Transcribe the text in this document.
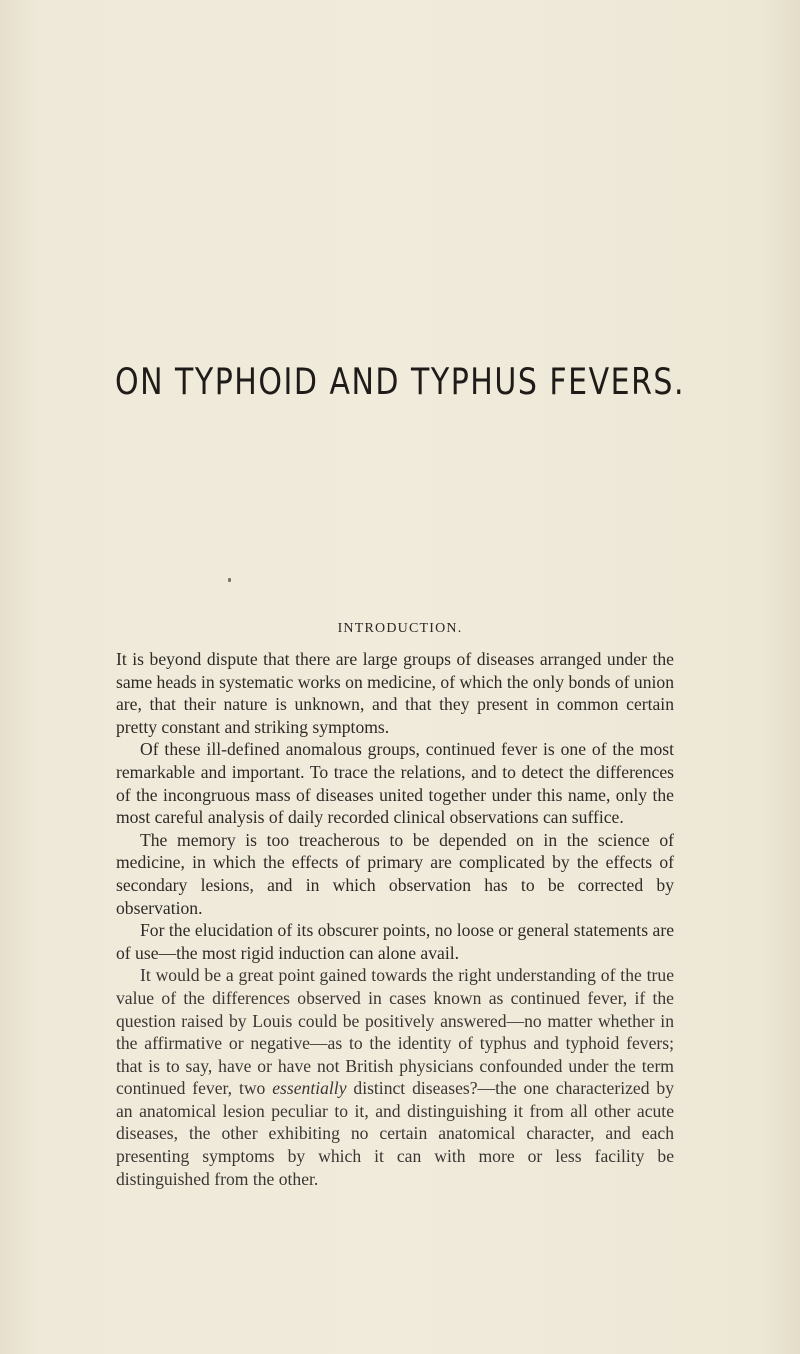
ON TYPHOID AND TYPHUS FEVERS.
INTRODUCTION.

It is beyond dispute that there are large groups of diseases arranged under the same heads in systematic works on medicine, of which the only bonds of union are, that their nature is unknown, and that they present in common certain pretty constant and striking symptoms.

Of these ill-defined anomalous groups, continued fever is one of the most remarkable and important. To trace the relations, and to detect the differences of the incongruous mass of diseases united together under this name, only the most careful analysis of daily recorded clinical observations can suffice.

The memory is too treacherous to be depended on in the science of medicine, in which the effects of primary are complicated by the effects of secondary lesions, and in which observation has to be corrected by observation.

For the elucidation of its obscurer points, no loose or general statements are of use—the most rigid induction can alone avail.

It would be a great point gained towards the right understanding of the true value of the differences observed in cases known as continued fever, if the question raised by Louis could be positively answered—no matter whether in the affirmative or negative—as to the identity of typhus and typhoid fevers; that is to say, have or have not British physicians confounded under the term continued fever, two essentially distinct diseases?—the one characterized by an anatomical lesion peculiar to it, and distinguishing it from all other acute diseases, the other exhibiting no certain anatomical character, and each presenting symptoms by which it can with more or less facility be distinguished from the other.
